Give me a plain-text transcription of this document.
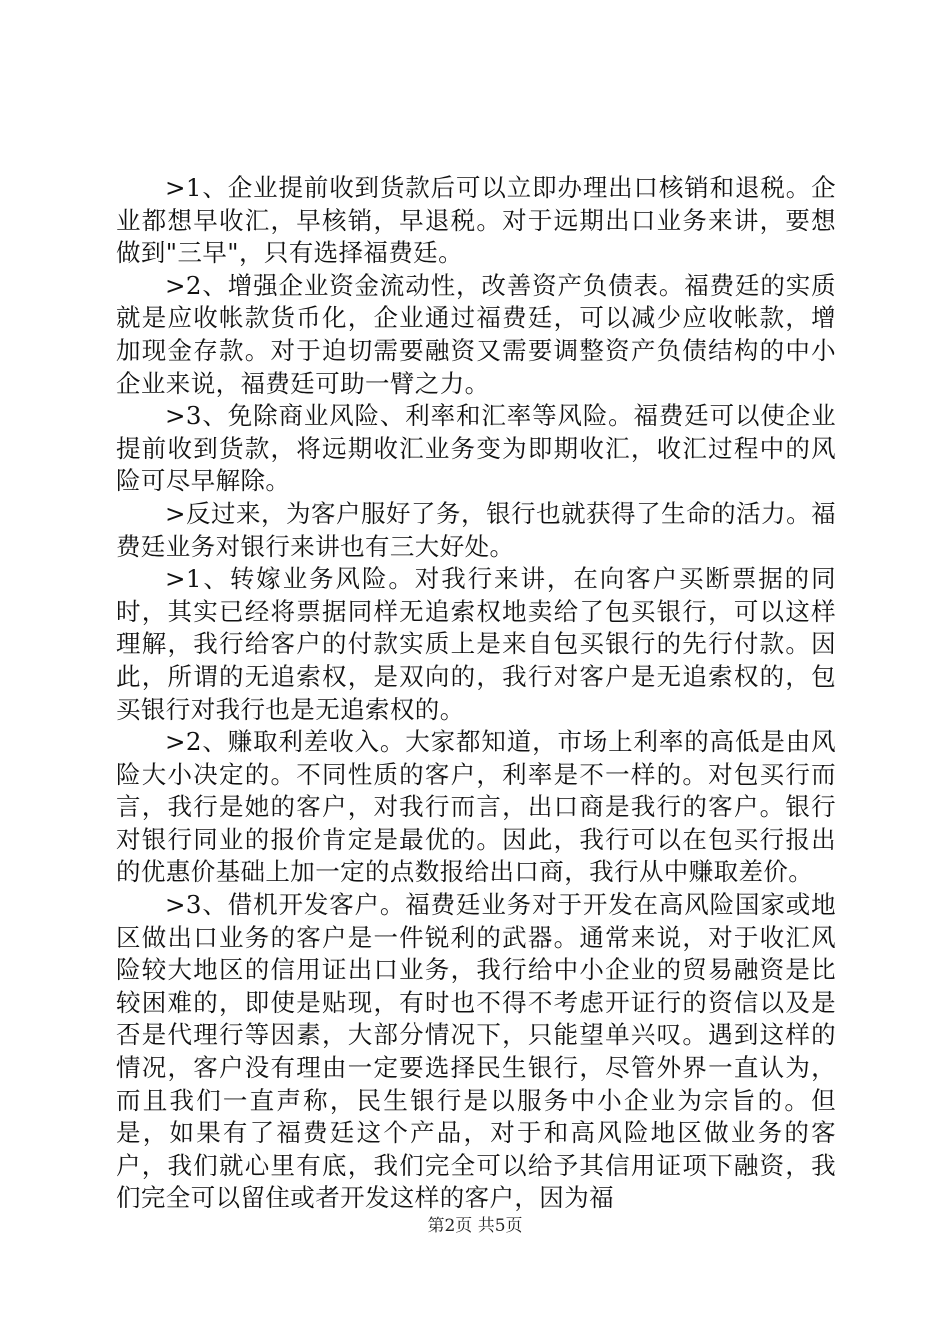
>1、企业提前收到货款后可以立即办理出口核销和退税。企业都想早收汇，早核销，早退税。对于远期出口业务来讲，要想做到"三早"，只有选择福费廷。

>2、增强企业资金流动性，改善资产负债表。福费廷的实质就是应收帐款货币化，企业通过福费廷，可以减少应收帐款，增加现金存款。对于迫切需要融资又需要调整资产负债结构的中小企业来说，福费廷可助一臂之力。

>3、免除商业风险、利率和汇率等风险。福费廷可以使企业提前收到货款，将远期收汇业务变为即期收汇，收汇过程中的风险可尽早解除。

>反过来，为客户服好了务，银行也就获得了生命的活力。福费廷业务对银行来讲也有三大好处。

>1、转嫁业务风险。对我行来讲，在向客户买断票据的同时，其实已经将票据同样无追索权地卖给了包买银行，可以这样理解，我行给客户的付款实质上是来自包买银行的先行付款。因此，所谓的无追索权，是双向的，我行对客户是无追索权的，包买银行对我行也是无追索权的。

>2、赚取利差收入。大家都知道，市场上利率的高低是由风险大小决定的。不同性质的客户，利率是不一样的。对包买行而言，我行是她的客户，对我行而言，出口商是我行的客户。银行对银行同业的报价肯定是最优的。因此，我行可以在包买行报出的优惠价基础上加一定的点数报给出口商，我行从中赚取差价。

>3、借机开发客户。福费廷业务对于开发在高风险国家或地区做出口业务的客户是一件锐利的武器。通常来说，对于收汇风险较大地区的信用证出口业务，我行给中小企业的贸易融资是比较困难的，即使是贴现，有时也不得不考虑开证行的资信以及是否是代理行等因素，大部分情况下，只能望单兴叹。遇到这样的情况，客户没有理由一定要选择民生银行，尽管外界一直认为，而且我们一直声称，民生银行是以服务中小企业为宗旨的。但是，如果有了福费廷这个产品，对于和高风险地区做业务的客户，我们就心里有底，我们完全可以给予其信用证项下融资，我们完全可以留住或者开发这样的客户，因为福

第2页 共5页
